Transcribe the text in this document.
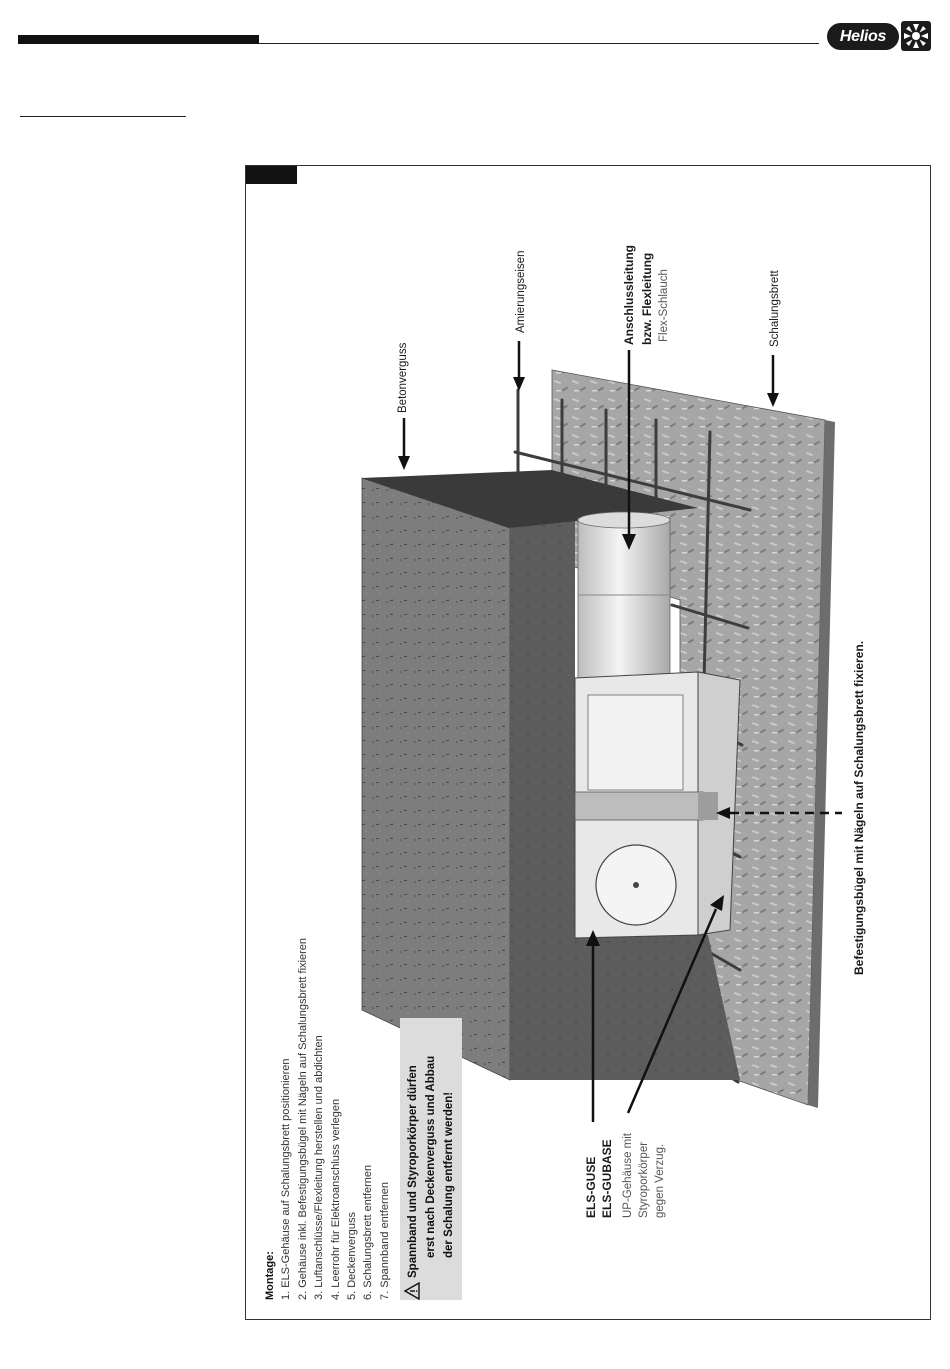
Helios
Betonverguss
Amierungseisen	Anschlussleitung bzw. Flexleitung Flex-Schlauch	Schalungsbrett
Befestigungsbügel mit Nägeln auf Schalungsbrett fixieren.
ELS-GUSE ELS-GUBASE UP-Gehäuse mit Styroporkörper gegen Verzug.
Montage: 1. ELS-Gehäuse auf Schalungsbrett positionieren 2. Gehäuse inkl. Befestigungsbügel mit Nägeln auf Schalungsbrett fixieren 3. Luftanschlüsse/Flexleitung herstellen und abdichten 4. Leerrohr für Elektroanschluss verlegen 5. Deckenverguss 6. Schalungsbrett entfernen 7. Spannband entfernen Spannband und Styroporkörper dürfen erst nach Deckenverguss und Abbau der Schalung entfernt werden!
